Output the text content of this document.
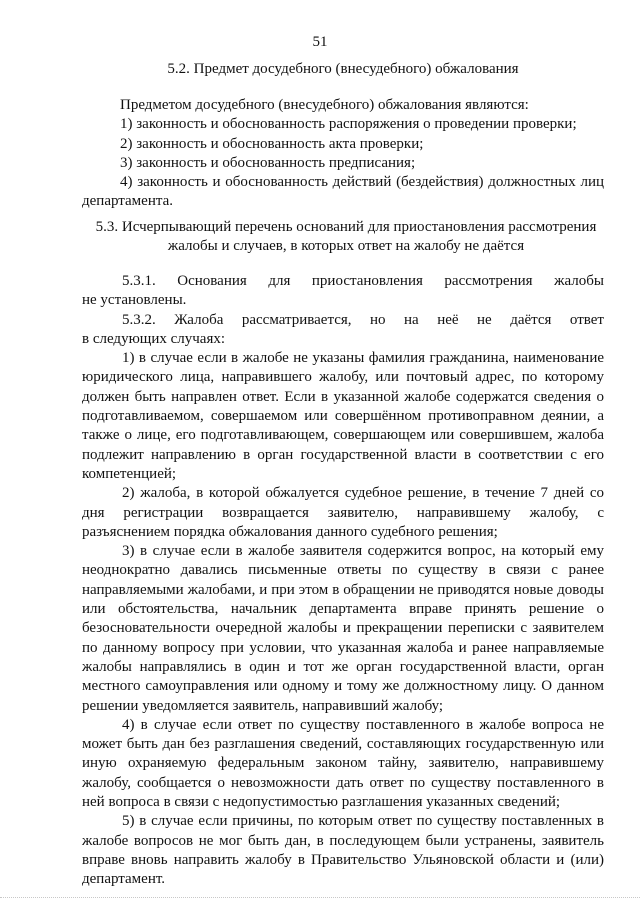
51
5.2. Предмет досудебного (внесудебного) обжалования

Предметом досудебного (внесудебного) обжалования являются:

1) законность и обоснованность распоряжения о проведении проверки;

2) законность и обоснованность акта проверки;

3) законность и обоснованность предписания;

4) законность и обоснованность действий (бездействия) должностных лиц департамента.

5.3. Исчерпывающий перечень оснований для приостановления рассмотрения жалобы и случаев, в которых ответ на жалобу не даётся

5.3.1. Основания для приостановления рассмотрения жалобы

не установлены.

5.3.2. Жалоба рассматривается, но на неё не даётся ответ

в следующих случаях:

1) в случае если в жалобе не указаны фамилия гражданина, наименование юридического лица, направившего жалобу, или почтовый адрес, по которому должен быть направлен ответ. Если в указанной жалобе содержатся сведения о подготавливаемом, совершаемом или совершённом противоправном деянии, а также о лице, его подготавливающем, совершающем или совершившем, жалоба подлежит направлению в орган государственной власти в соответствии с его компетенцией;

2) жалоба, в которой обжалуется судебное решение, в течение 7 дней со дня регистрации возвращается заявителю, направившему жалобу, с разъяснением порядка обжалования данного судебного решения;

3) в случае если в жалобе заявителя содержится вопрос, на который ему неоднократно давались письменные ответы по существу в связи с ранее направляемыми жалобами, и при этом в обращении не приводятся новые доводы или обстоятельства, начальник департамента вправе принять решение о безосновательности очередной жалобы и прекращении переписки с заявителем по данному вопросу при условии, что указанная жалоба и ранее направляемые жалобы направлялись в один и тот же орган государственной власти, орган местного самоуправления или одному и тому же должностному лицу. О данном решении уведомляется заявитель, направивший жалобу;

4) в случае если ответ по существу поставленного в жалобе вопроса не может быть дан без разглашения сведений, составляющих государственную или иную охраняемую федеральным законом тайну, заявителю, направившему жалобу, сообщается о невозможности дать ответ по существу поставленного в ней вопроса в связи с недопустимостью разглашения указанных сведений;

5) в случае если причины, по которым ответ по существу поставленных в жалобе вопросов не мог быть дан, в последующем были устранены, заявитель вправе вновь направить жалобу в Правительство Ульяновской области и (или) департамент.
